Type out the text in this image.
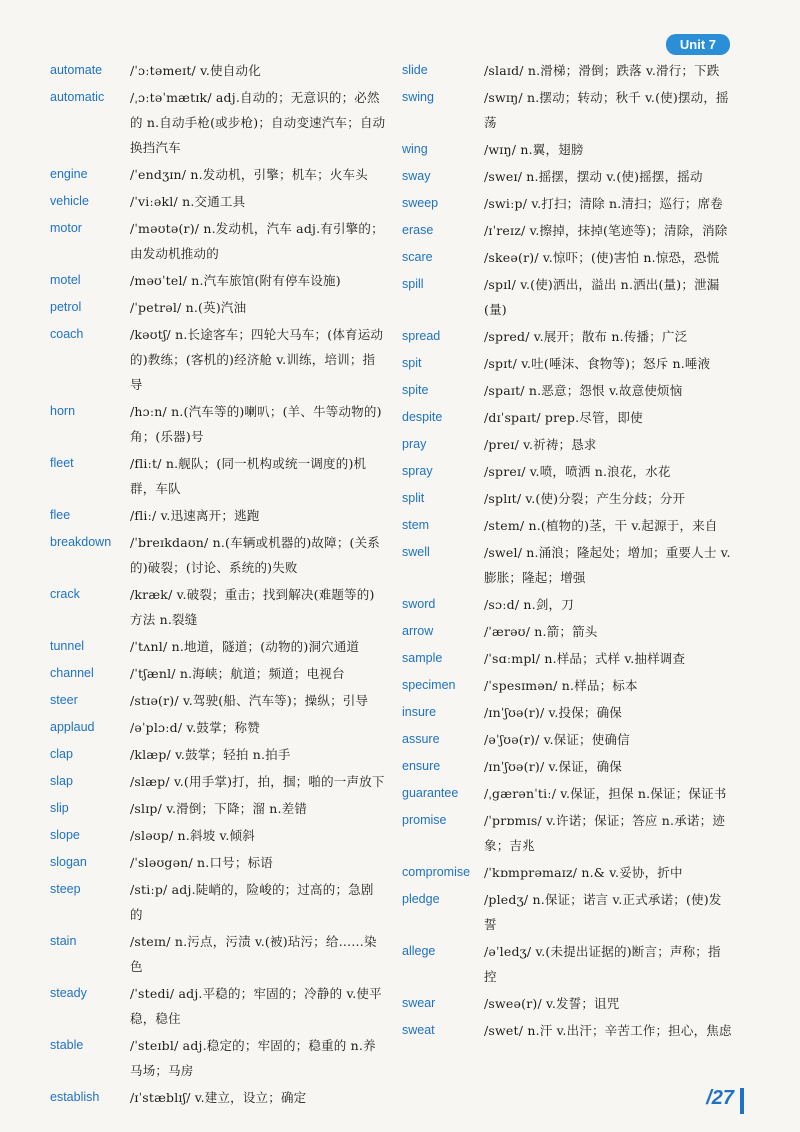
Unit 7
automate	/ˈɔːtəmeɪt/ v.使自动化
automatic	/ˌɔːtəˈmætɪk/ adj.自动的；无意识的；必然的 n.自动手枪(或步枪)；自动变速汽车；自动换挡汽车
engine	/ˈendʒɪn/ n.发动机，引擎；机车；火车头
vehicle	/ˈviːəkl/ n.交通工具
motor	/ˈməʊtə(r)/ n.发动机，汽车 adj.有引擎的；由发动机推动的
motel	/məʊˈtel/ n.汽车旅馆(附有停车设施)
petrol	/ˈpetrəl/ n.(英)汽油
coach	/kəʊtʃ/ n.长途客车；四轮大马车；(体育运动的)教练；(客机的)经济舱 v.训练，培训；指导
horn	/hɔːn/ n.(汽车等的)喇叭；(羊、牛等动物的)角；(乐器)号
fleet	/fliːt/ n.舰队；(同一机构或统一调度的)机群，车队
flee	/fliː/ v.迅速离开；逃跑
breakdown	/ˈbreɪkdaʊn/ n.(车辆或机器的)故障；(关系的)破裂；(讨论、系统的)失败
crack	/kræk/ v.破裂；重击；找到解决(难题等的)方法 n.裂缝
tunnel	/ˈtʌnl/ n.地道，隧道；(动物的)洞穴通道
channel	/ˈtʃænl/ n.海峡；航道；频道；电视台
steer	/stɪə(r)/ v.驾驶(船、汽车等)；操纵；引导
applaud	/əˈplɔːd/ v.鼓掌；称赞
clap	/klæp/ v.鼓掌；轻拍 n.拍手
slap	/slæp/ v.(用手掌)打，拍，掴；啪的一声放下
slip	/slɪp/ v.滑倒；下降；溜 n.差错
slope	/sləʊp/ n.斜坡 v.倾斜
slogan	/ˈsləʊgən/ n.口号；标语
steep	/stiːp/ adj.陡峭的，险峻的；过高的；急剧的
stain	/steɪn/ n.污点，污渍 v.(被)玷污；给……染色
steady	/ˈstedi/ adj.平稳的；牢固的；冷静的 v.使平稳，稳住
stable	/ˈsteɪbl/ adj.稳定的；牢固的；稳重的 n.养马场；马房
establish	/ɪˈstæblɪʃ/ v.建立，设立；确定
slide	/slaɪd/ n.滑梯；滑倒；跌落 v.滑行；下跌
swing	/swɪŋ/ n.摆动；转动；秋千 v.(使)摆动，摇荡
wing	/wɪŋ/ n.翼，翅膀
sway	/sweɪ/ n.摇摆，摆动 v.(使)摇摆，摇动
sweep	/swiːp/ v.打扫；清除 n.清扫；巡行；席卷
erase	/ɪˈreɪz/ v.擦掉，抹掉(笔迹等)；清除，消除
scare	/skeə(r)/ v.惊吓；(使)害怕 n.惊恐，恐慌
spill	/spɪl/ v.(使)洒出，溢出 n.洒出(量)；泄漏(量)
spread	/spred/ v.展开；散布 n.传播；广泛
spit	/spɪt/ v.吐(唾沫、食物等)；怒斥 n.唾液
spite	/spaɪt/ n.恶意；怨恨 v.故意使烦恼
despite	/dɪˈspaɪt/ prep.尽管，即使
pray	/preɪ/ v.祈祷；恳求
spray	/spreɪ/ v.喷，喷洒 n.浪花，水花
split	/splɪt/ v.(使)分裂；产生分歧；分开
stem	/stem/ n.(植物的)茎，干 v.起源于，来自
swell	/swel/ n.涌浪；隆起处；增加；重要人士 v.膨胀；隆起；增强
sword	/sɔːd/ n.剑，刀
arrow	/ˈærəʊ/ n.箭；箭头
sample	/ˈsɑːmpl/ n.样品；式样 v.抽样调查
specimen	/ˈspesɪmən/ n.样品；标本
insure	/ɪnˈʃʊə(r)/ v.投保；确保
assure	/əˈʃʊə(r)/ v.保证；使确信
ensure	/ɪnˈʃʊə(r)/ v.保证，确保
guarantee	/ˌgærənˈtiː/ v.保证，担保 n.保证；保证书
promise	/ˈprɒmɪs/ v.许诺；保证；答应 n.承诺；迹象；吉兆
compromise	/ˈkɒmprəmaɪz/ n.& v.妥协，折中
pledge	/pledʒ/ n.保证；诺言 v.正式承诺；(使)发誓
allege	/əˈledʒ/ v.(未提出证据的)断言；声称；指控
swear	/sweə(r)/ v.发誓；诅咒
sweat	/swet/ n.汗 v.出汗；辛苦工作；担心，焦虑
/27
